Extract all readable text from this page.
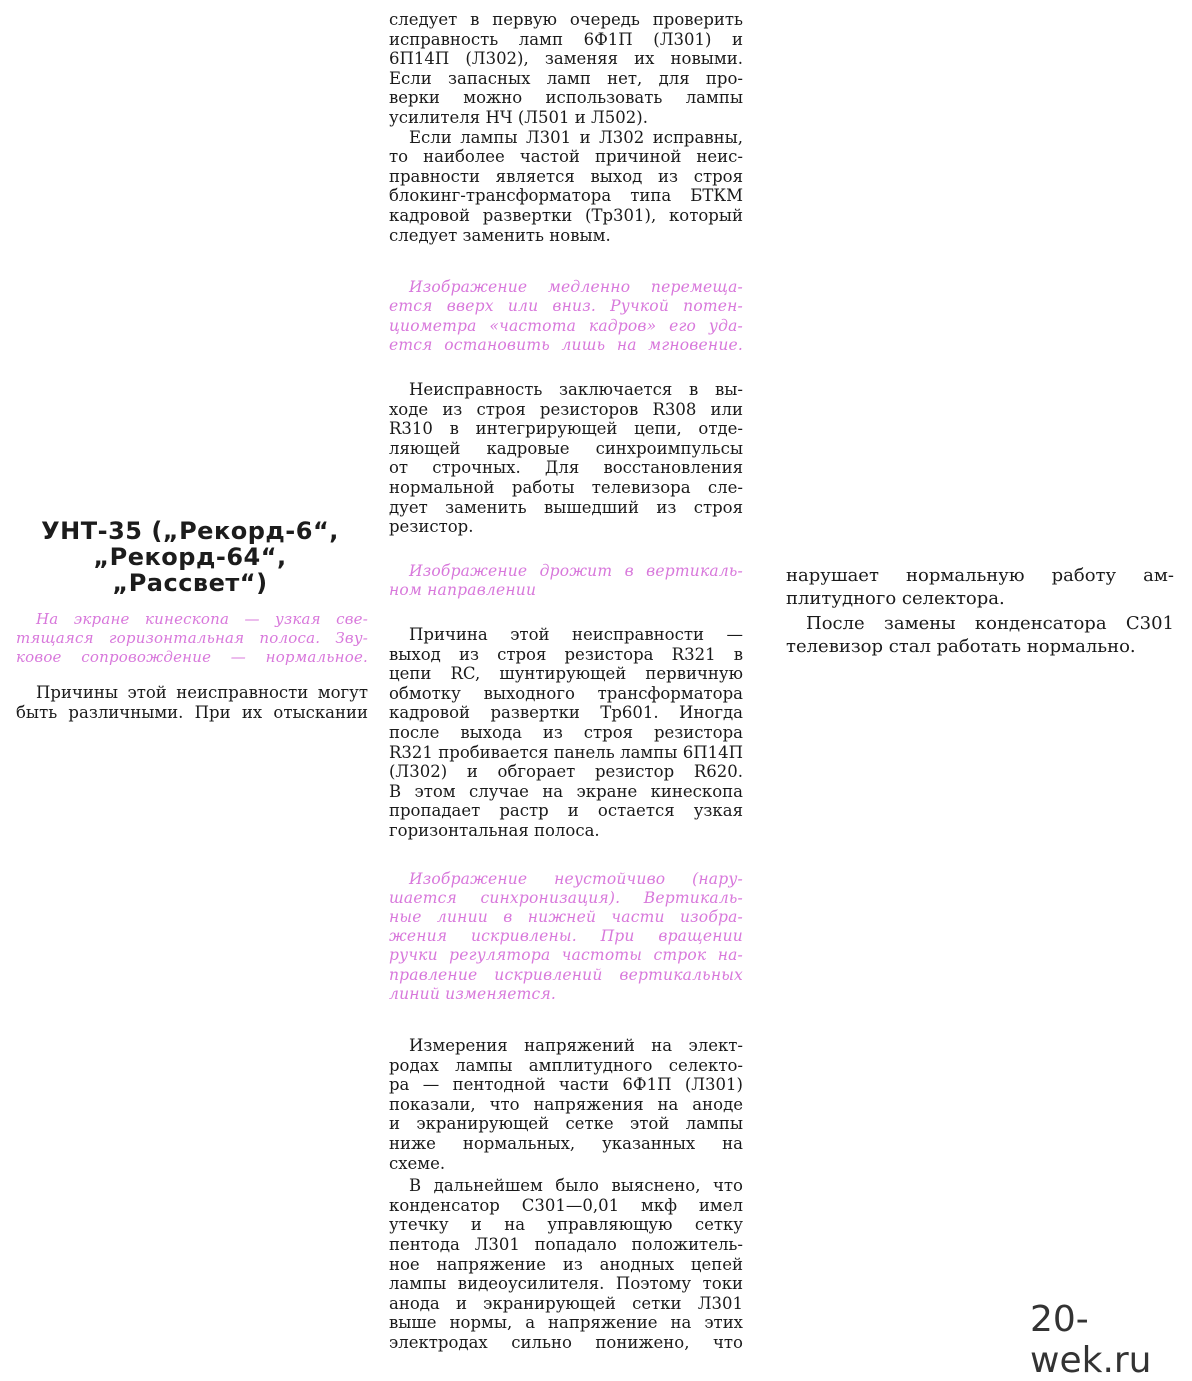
следует в первую очередь проверить
исправность ламп 6Ф1П (Л301) и
6П14П (Л302), заменяя их новыми.
Если запасных ламп нет, для про-
верки можно использовать лампы
усилителя НЧ (Л501 и Л502).
Если лампы Л301 и Л302 исправны,
то наиболее частой причиной неис-
правности является выход из строя
блокинг-трансформатора типа БТКМ
кадровой развертки (Тр301), который
следует заменить новым.
Изображение медленно перемеща-
ется вверх или вниз. Ручкой потен-
циометра «частота кадров» его уда-
ется остановить лишь на мгновение.
Неисправность заключается в вы-
ходе из строя резисторов R308 или
R310 в интегрирующей цепи, отде-
ляющей кадровые синхроимпульсы
от строчных. Для восстановления
нормальной работы телевизора сле-
дует заменить вышедший из строя
резистор.
Изображение дрожит в вертикаль-
ном направлении
Причина этой неисправности —
выход из строя резистора R321 в
цепи RC, шунтирующей первичную
обмотку выходного трансформатора
кадровой развертки Тр601. Иногда
после выхода из строя резистора
R321 пробивается панель лампы 6П14П
(Л302) и обгорает резистор R620.
В этом случае на экране кинескопа
пропадает растр и остается узкая
горизонтальная полоса.
Изображение неустойчиво (нару-
шается синхронизация). Вертикаль-
ные линии в нижней части изобра-
жения искривлены. При вращении
ручки регулятора частоты строк на-
правление искривлений вертикальных
линий изменяется.
Измерения напряжений на элект-
родах лампы амплитудного селекто-
ра — пентодной части 6Ф1П (Л301)
показали, что напряжения на аноде
и экранирующей сетке этой лампы
ниже нормальных, указанных на
схеме.
В дальнейшем было выяснено, что
конденсатор С301—0,01 мкф имел
утечку и на управляющую сетку
пентода Л301 попадало положитель-
ное напряжение из анодных цепей
лампы видеоусилителя. Поэтому токи
анода и экранирующей сетки Л301
выше нормы, а напряжение на этих
электродах сильно понижено, что
УНТ-35 („Рекорд-6“,
„Рекорд-64“,
„Рассвет“)
На экране кинескопа — узкая све-
тящаяся горизонтальная полоса. Зву-
ковое сопровождение — нормальное.
Причины этой неисправности могут
быть различными. При их отыскании
нарушает нормальную работу ам-
плитудного селектора.
После замены конденсатора С301
телевизор стал работать нормально.
20-wek.ru
